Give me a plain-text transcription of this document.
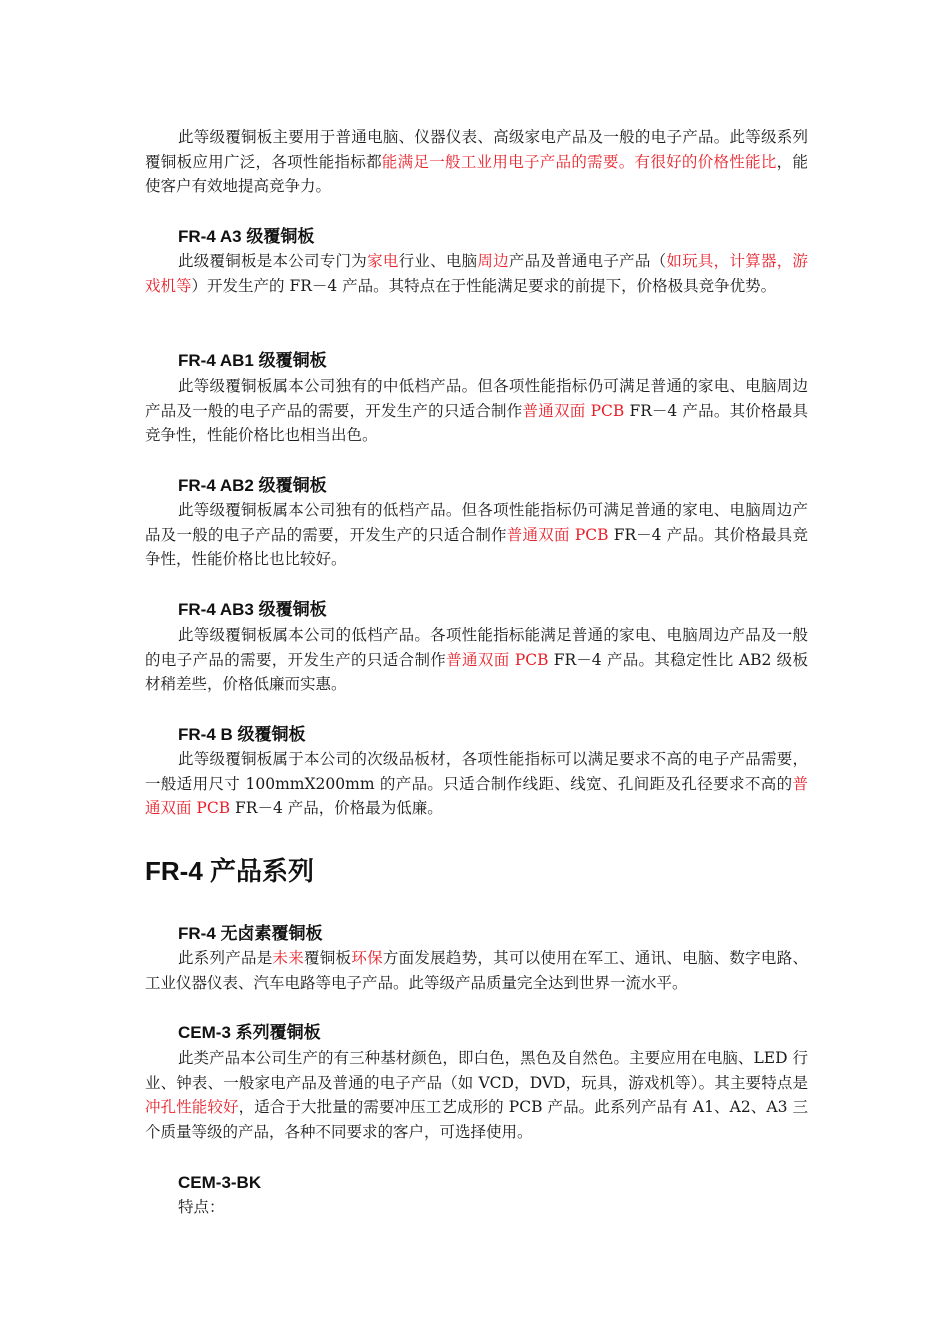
此等级覆铜板主要用于普通电脑、仪器仪表、高级家电产品及一般的电子产品。此等级系列覆铜板应用广泛，各项性能指标都能满足一般工业用电子产品的需要。有很好的价格性能比，能使客户有效地提高竞争力。

FR-4 A3 级覆铜板

此级覆铜板是本公司专门为家电行业、电脑周边产品及普通电子产品（如玩具，计算器，游戏机等）开发生产的 FR－4 产品。其特点在于性能满足要求的前提下，价格极具竞争优势。

FR-4 AB1 级覆铜板

此等级覆铜板属本公司独有的中低档产品。但各项性能指标仍可满足普通的家电、电脑周边产品及一般的电子产品的需要，开发生产的只适合制作普通双面 PCB FR－4 产品。其价格最具竞争性，性能价格比也相当出色。

FR-4 AB2 级覆铜板

此等级覆铜板属本公司独有的低档产品。但各项性能指标仍可满足普通的家电、电脑周边产品及一般的电子产品的需要，开发生产的只适合制作普通双面 PCB FR－4 产品。其价格最具竞争性，性能价格比也比较好。

FR-4 AB3 级覆铜板

此等级覆铜板属本公司的低档产品。各项性能指标能满足普通的家电、电脑周边产品及一般的电子产品的需要，开发生产的只适合制作普通双面 PCB FR－4 产品。其稳定性比 AB2 级板材稍差些，价格低廉而实惠。

FR-4 B 级覆铜板

此等级覆铜板属于本公司的次级品板材，各项性能指标可以满足要求不高的电子产品需要，一般适用尺寸 100mmX200mm 的产品。只适合制作线距、线宽、孔间距及孔径要求不高的普通双面 PCB FR－4 产品，价格最为低廉。

FR-4 产品系列
FR-4 无卤素覆铜板

此系列产品是未来覆铜板环保方面发展趋势，其可以使用在军工、通讯、电脑、数字电路、工业仪器仪表、汽车电路等电子产品。此等级产品质量完全达到世界一流水平。

CEM-3 系列覆铜板

此类产品本公司生产的有三种基材颜色，即白色，黑色及自然色。主要应用在电脑、LED 行业、钟表、一般家电产品及普通的电子产品（如 VCD，DVD，玩具，游戏机等）。其主要特点是冲孔性能较好，适合于大批量的需要冲压工艺成形的 PCB 产品。此系列产品有 A1、A2、A3 三个质量等级的产品，各种不同要求的客户，可选择使用。

CEM-3-BK

特点：
